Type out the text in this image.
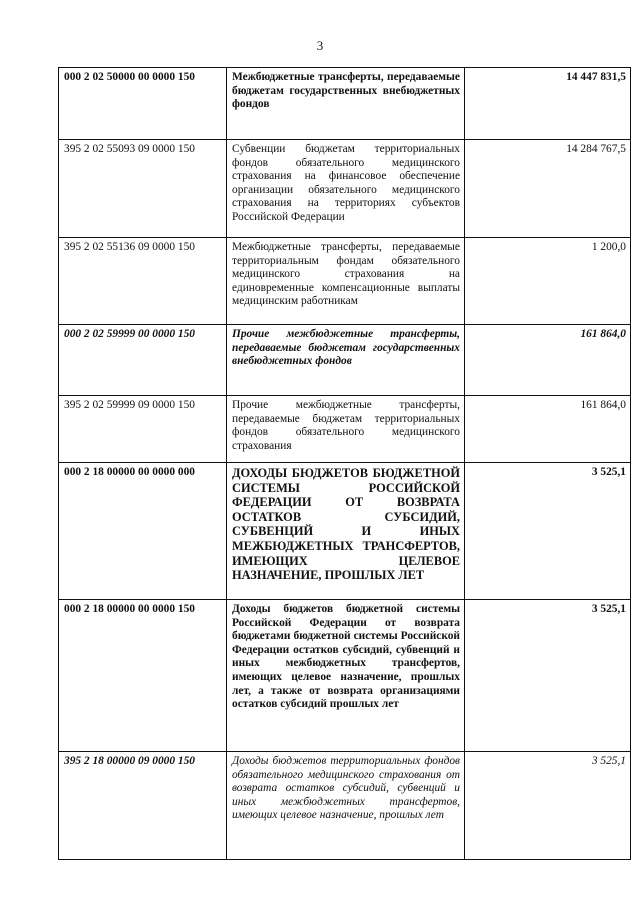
3
000 2 02 50000 00 0000 150	Межбюджетные трансферты, передаваемые бюджетам государственных внебюджетных фондов	14 447 831,5
395 2 02 55093 09 0000 150	Субвенции бюджетам территориальных фондов обязательного медицинского страхования на финансовое обеспечение организации обязательного медицинского страхования на территориях субъектов Российской Федерации	14 284 767,5
395 2 02 55136 09 0000 150	Межбюджетные трансферты, передаваемые территориальным фондам обязательного медицинского страхования на единовременные компенсационные выплаты медицинским работникам	1 200,0
000 2 02 59999 00 0000 150	Прочие межбюджетные трансферты, передаваемые бюджетам государственных внебюджетных фондов	161 864,0
395 2 02 59999 09 0000 150	Прочие межбюджетные трансферты, передаваемые бюджетам территориальных фондов обязательного медицинского страхования	161 864,0
000 2 18 00000 00 0000 000	ДОХОДЫ БЮДЖЕТОВ БЮДЖЕТНОЙ СИСТЕМЫ РОССИЙСКОЙ ФЕДЕРАЦИИ ОТ ВОЗВРАТА ОСТАТКОВ СУБСИДИЙ, СУБВЕНЦИЙ И ИНЫХ МЕЖБЮДЖЕТНЫХ ТРАНСФЕРТОВ, ИМЕЮЩИХ ЦЕЛЕВОЕ НАЗНАЧЕНИЕ, ПРОШЛЫХ ЛЕТ	3 525,1
000 2 18 00000 00 0000 150	Доходы бюджетов бюджетной системы Российской Федерации от возврата бюджетами бюджетной системы Российской Федерации остатков субсидий, субвенций и иных межбюджетных трансфертов, имеющих целевое назначение, прошлых лет, а также от возврата организациями остатков субсидий прошлых лет	3 525,1
395 2 18 00000 09 0000 150	Доходы бюджетов территориальных фондов обязательного медицинского страхования от возврата остатков субсидий, субвенций и иных межбюджетных трансфертов, имеющих целевое назначение, прошлых лет	3 525,1
